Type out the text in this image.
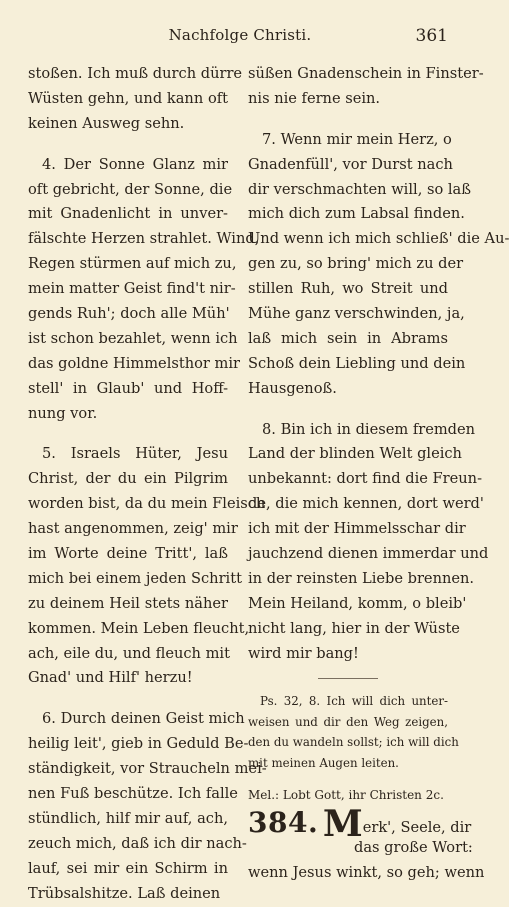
Nachfolge Christi.	361
stoßen. Ich muß durch dürre
Wüsten gehn, und kann oft
keinen Ausweg sehn.
4. Der Sonne Glanz mir
oft gebricht, der Sonne, die
mit Gnadenlicht in unver-
fälschte Herzen strahlet. Wind,
Regen stürmen auf mich zu,
mein matter Geist find't nir-
gends Ruh'; doch alle Müh'
ist schon bezahlet, wenn ich
das goldne Himmelsthor mir
stell' in Glaub' und Hoff-
nung vor.
5. Israels Hüter, Jesu
Christ, der du ein Pilgrim
worden bist, da du mein Fleisch
hast angenommen, zeig' mir
im Worte deine Tritt', laß
mich bei einem jeden Schritt
zu deinem Heil stets näher
kommen. Mein Leben fleucht,
ach, eile du, und fleuch mit
Gnad' und Hilf' herzu!
6. Durch deinen Geist mich
heilig leit', gieb in Geduld Be-
ständigkeit, vor Straucheln mei-
nen Fuß beschütze. Ich falle
stündlich, hilf mir auf, ach,
zeuch mich, daß ich dir nach-
lauf, sei mir ein Schirm in
Trübsalshitze. Laß deinen
süßen Gnadenschein in Finster-
nis nie ferne sein.
7. Wenn mir mein Herz, o
Gnadenfüll', vor Durst nach
dir verschmachten will, so laß
mich dich zum Labsal finden.
Und wenn ich mich schließ' die Au-
gen zu, so bring' mich zu der
stillen Ruh, wo Streit und
Mühe ganz verschwinden, ja,
laß mich sein in Abrams
Schoß dein Liebling und dein
Hausgenoß.
8. Bin ich in diesem fremden
Land der blinden Welt gleich
unbekannt: dort find die Freun-
de, die mich kennen, dort werd'
ich mit der Himmelsschar dir
jauchzend dienen immerdar und
in der reinsten Liebe brennen.
Mein Heiland, komm, o bleib'
nicht lang, hier in der Wüste
wird mir bang!
Ps. 32, 8. Ich will dich unter-
weisen und dir den Weg zeigen,
den du wandeln sollst; ich will dich
mit meinen Augen leiten.
Mel.: Lobt Gott, ihr Christen 2c.
384. Merk', Seele, dir
das große Wort:
wenn Jesus winkt, so geh; wenn
